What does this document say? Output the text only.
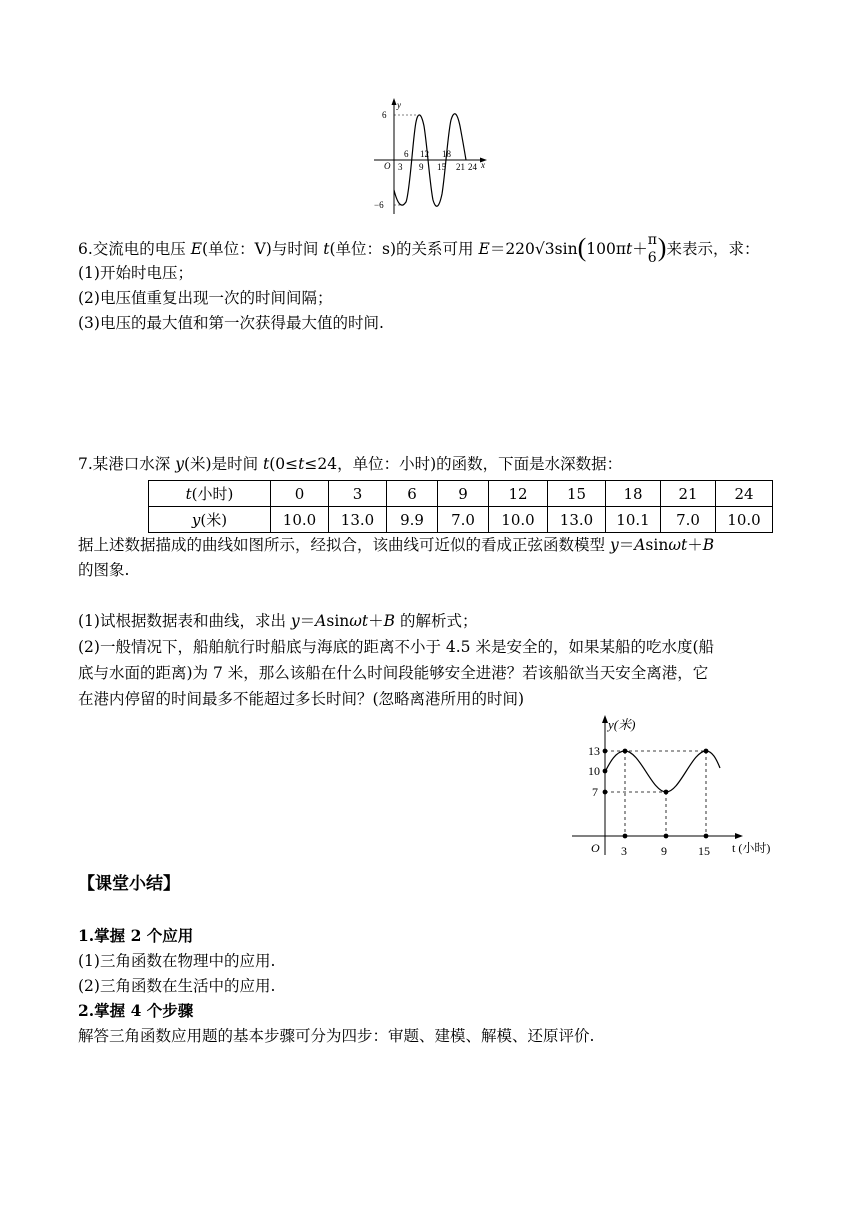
y
x
O
6
−6
3 9 15 21 24
6 12 18
6.交流电的电压 E(单位：V)与时间 t(单位：s)的关系可用 E＝220√3sin(100πt＋ π
6 )来表示，求：
(1)开始时电压；
(2)电压值重复出现一次的时间间隔；
(3)电压的最大值和第一次获得最大值的时间.
7.某港口水深 y(米)是时间 t(0≤t≤24，单位：小时)的函数，下面是水深数据：
t(小时)	0	3	6	9	12	15	18	21	24
y(米)	10.0	13.0	9.9	7.0	10.0	13.0	10.1	7.0	10.0
据上述数据描成的曲线如图所示，经拟合，该曲线可近似的看成正弦函数模型 y＝Asinωt＋B
的图象.
(1)试根据数据表和曲线，求出 y＝Asinωt＋B 的解析式；
(2)一般情况下，船舶航行时船底与海底的距离不小于 4.5 米是安全的，如果某船的吃水度(船
底与水面的距离)为 7 米，那么该船在什么时间段能够安全进港？若该船欲当天安全离港，它
在港内停留的时间最多不能超过多长时间？(忽略离港所用的时间)
y(米)
t (小时)
O
13
10
7
3	9	15
【课堂小结】
1.掌握 2 个应用
(1)三角函数在物理中的应用.
(2)三角函数在生活中的应用.
2.掌握 4 个步骤
解答三角函数应用题的基本步骤可分为四步：审题、建模、解模、还原评价.
